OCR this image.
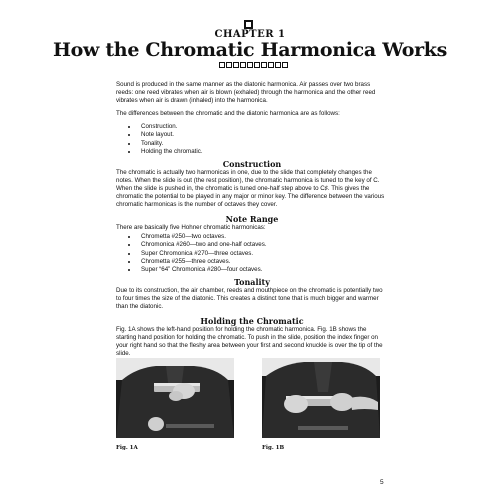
CHAPTER 1
How the Chromatic Harmonica Works

Sound is produced in the same manner as the diatonic harmonica. Air passes over two brass reeds: one reed vibrates when air is blown (exhaled) through the harmonica and the other reed vibrates when air is drawn (inhaled) into the harmonica.

The differences between the chromatic and the diatonic harmonica are as follows:

• Construction.
• Note layout.
• Tonality.
• Holding the chromatic.
Construction

The chromatic is actually two harmonicas in one, due to the slide that completely changes the notes. When the slide is out (the rest position), the chromatic harmonica is tuned to the key of C. When the slide is pushed in, the chromatic is tuned one-half step above to C♯. This gives the chromatic the potential to be played in any major or minor key. The difference between the various chromatic harmonicas is the number of octaves they cover.

Note Range

There are basically five Hohner chromatic harmonicas:

• Chrometta #250—two octaves.
• Chromonica #260—two and one-half octaves.
• Super Chromonica #270—three octaves.
• Chrometta #255—three octaves.
• Super “64” Chromonica #280—four octaves.
Tonality

Due to its construction, the air chamber, reeds and mouthpiece on the chromatic is potentially two to four times the size of the diatonic. This creates a distinct tone that is much bigger and warmer than the diatonic.

Holding the Chromatic

Fig. 1A shows the left-hand position for holding the chromatic harmonica. Fig. 1B shows the starting hand position for holding the chromatic. To push in the slide, position the index finger on your right hand so that the fleshy area between your first and second knuckle is over the tip of the slide.

Fig. 1A	Fig. 1B
5
